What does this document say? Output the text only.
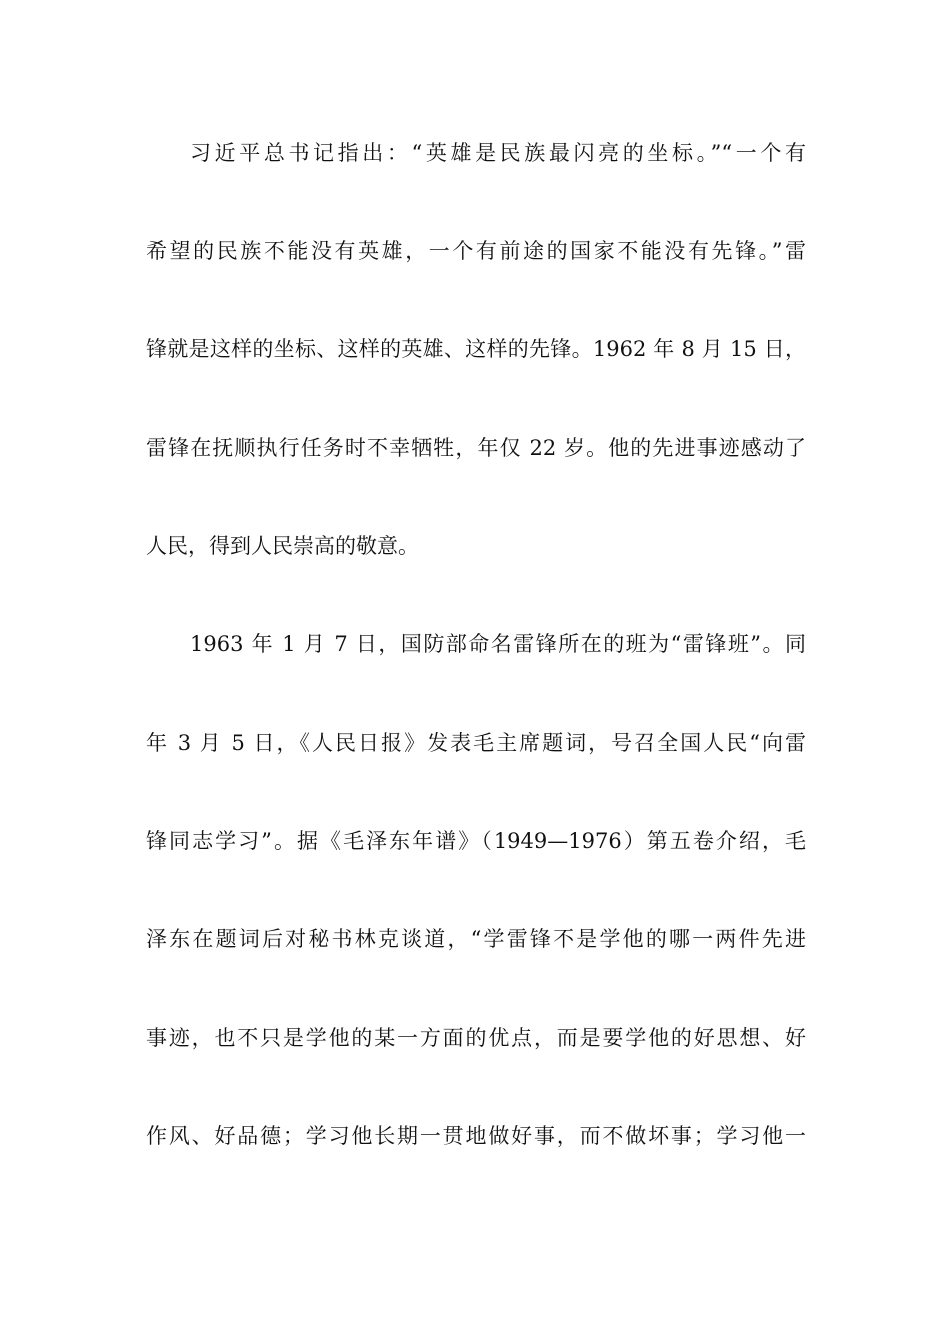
习近平总书记指出：“英雄是民族最闪亮的坐标。”“一个有
希望的民族不能没有英雄，一个有前途的国家不能没有先锋。”雷
锋就是这样的坐标、这样的英雄、这样的先锋。1962 年 8 月 15 日，
雷锋在抚顺执行任务时不幸牺牲，年仅 22 岁。他的先进事迹感动了
人民，得到人民崇高的敬意。
1963 年 1 月 7 日，国防部命名雷锋所在的班为“雷锋班”。同
年 3 月 5 日，《人民日报》发表毛主席题词，号召全国人民“向雷
锋同志学习”。据《毛泽东年谱》（1949—1976）第五卷介绍，毛
泽东在题词后对秘书林克谈道，“学雷锋不是学他的哪一两件先进
事迹，也不只是学他的某一方面的优点，而是要学他的好思想、好
作风、好品德；学习他长期一贯地做好事，而不做坏事；学习他一
